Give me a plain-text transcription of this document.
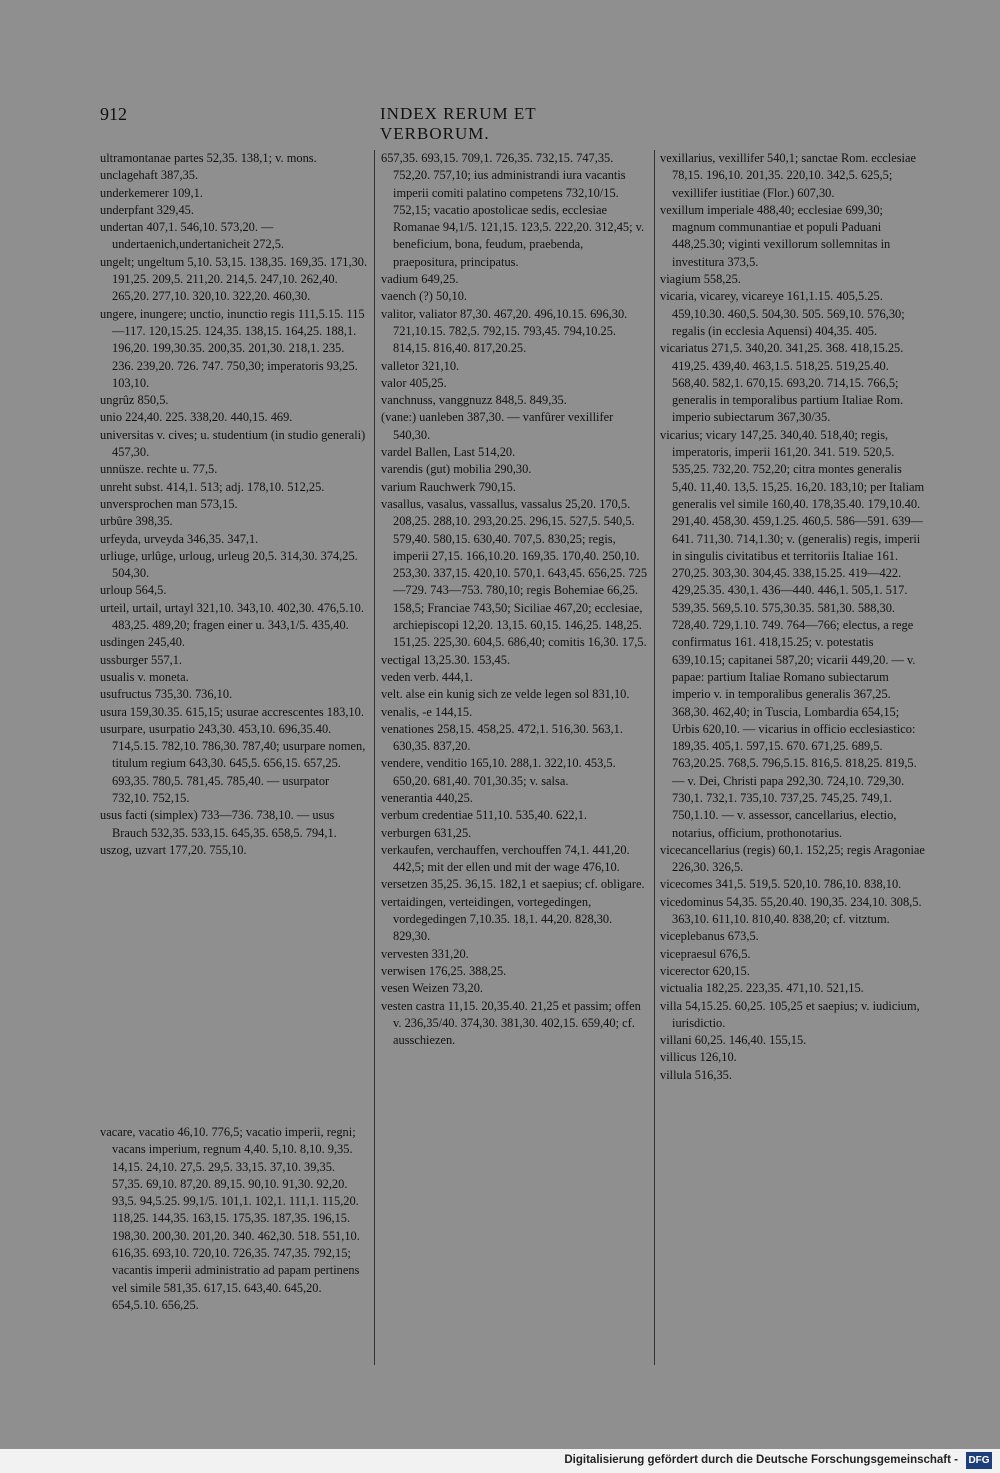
912	INDEX RERUM ET VERBORUM.

ultramontanae partes 52,35. 138,1; v. mons.

unclagehaft 387,35.

underkemerer 109,1.

underpfant 329,45.

undertan 407,1. 546,10. 573,20. — undertaenich,undertanicheit 272,5.

ungelt; ungeltum 5,10. 53,15. 138,35. 169,35. 171,30. 191,25. 209,5. 211,20. 214,5. 247,10. 262,40. 265,20. 277,10. 320,10. 322,20. 460,30.

ungere, inungere; unctio, inunctio regis 111,5.15. 115—117. 120,15.25. 124,35. 138,15. 164,25. 188,1. 196,20. 199,30.35. 200,35. 201,30. 218,1. 235. 236. 239,20. 726. 747. 750,30; imperatoris 93,25. 103,10.

ungrûz 850,5.

unio 224,40. 225. 338,20. 440,15. 469.

universitas v. cives; u. studentium (in studio generali) 457,30.

unnüsze. rechte u. 77,5.

unreht subst. 414,1. 513; adj. 178,10. 512,25.

unversprochen man 573,15.

urbûre 398,35.

urfeyda, urveyda 346,35. 347,1.

urliuge, urlûge, urloug, urleug 20,5. 314,30. 374,25. 504,30.

urloup 564,5.

urteil, urtail, urtayl 321,10. 343,10. 402,30. 476,5.10. 483,25. 489,20; fragen einer u. 343,1/5. 435,40.

usdingen 245,40.

ussburger 557,1.

usualis v. moneta.

usufructus 735,30. 736,10.

usura 159,30.35. 615,15; usurae accrescentes 183,10.

usurpare, usurpatio 243,30. 453,10. 696,35.40. 714,5.15. 782,10. 786,30. 787,40; usurpare nomen, titulum regium 643,30. 645,5. 656,15. 657,25. 693,35. 780,5. 781,45. 785,40. — usurpator 732,10. 752,15.

usus facti (simplex) 733—736. 738,10. — usus Brauch 532,35. 533,15. 645,35. 658,5. 794,1.

uszog, uzvart 177,20. 755,10.

vacare, vacatio 46,10. 776,5; vacatio imperii, regni; vacans imperium, regnum 4,40. 5,10. 8,10. 9,35. 14,15. 24,10. 27,5. 29,5. 33,15. 37,10. 39,35. 57,35. 69,10. 87,20. 89,15. 90,10. 91,30. 92,20. 93,5. 94,5.25. 99,1/5. 101,1. 102,1. 111,1. 115,20. 118,25. 144,35. 163,15. 175,35. 187,35. 196,15. 198,30. 200,30. 201,20. 340. 462,30. 518. 551,10. 616,35. 693,10. 720,10. 726,35. 747,35. 792,15; vacantis imperii administratio ad papam pertinens vel simile 581,35. 617,15. 643,40. 645,20. 654,5.10. 656,25.

657,35. 693,15. 709,1. 726,35. 732,15. 747,35. 752,20. 757,10; ius administrandi iura vacantis imperii comiti palatino competens 732,10/15. 752,15; vacatio apostolicae sedis, ecclesiae Romanae 94,1/5. 121,15. 123,5. 222,20. 312,45; v. beneficium, bona, feudum, praebenda, praepositura, principatus.

vadium 649,25.

vaench (?) 50,10.

valitor, valiator 87,30. 467,20. 496,10.15. 696,30. 721,10.15. 782,5. 792,15. 793,45. 794,10.25. 814,15. 816,40. 817,20.25.

valletor 321,10.

valor 405,25.

vanchnuss, vanggnuzz 848,5. 849,35.

(vane:) uanleben 387,30. — vanfûrer vexillifer 540,30.

vardel Ballen, Last 514,20.

varendis (gut) mobilia 290,30.

varium Rauchwerk 790,15.

vasallus, vasalus, vassallus, vassalus 25,20. 170,5. 208,25. 288,10. 293,20.25. 296,15. 527,5. 540,5. 579,40. 580,15. 630,40. 707,5. 830,25; regis, imperii 27,15. 166,10.20. 169,35. 170,40. 250,10. 253,30. 337,15. 420,10. 570,1. 643,45. 656,25. 725—729. 743—753. 780,10; regis Bohemiae 66,25. 158,5; Franciae 743,50; Siciliae 467,20; ecclesiae, archiepiscopi 12,20. 13,15. 60,15. 146,25. 148,25. 151,25. 225,30. 604,5. 686,40; comitis 16,30. 17,5.

vectigal 13,25.30. 153,45.

veden verb. 444,1.

velt. alse ein kunig sich ze velde legen sol 831,10.

venalis, -e 144,15.

venationes 258,15. 458,25. 472,1. 516,30. 563,1. 630,35. 837,20.

vendere, venditio 165,10. 288,1. 322,10. 453,5. 650,20. 681,40. 701,30.35; v. salsa.

venerantia 440,25.

verbum credentiae 511,10. 535,40. 622,1.

verburgen 631,25.

verkaufen, verchauffen, verchouffen 74,1. 441,20. 442,5; mit der ellen und mit der wage 476,10.

versetzen 35,25. 36,15. 182,1 et saepius; cf. obligare.

vertaidingen, verteidingen, vortegedingen, vordegedingen 7,10.35. 18,1. 44,20. 828,30. 829,30.

vervesten 331,20.

verwisen 176,25. 388,25.

vesen Weizen 73,20.

vesten castra 11,15. 20,35.40. 21,25 et passim; offen v. 236,35/40. 374,30. 381,30. 402,15. 659,40; cf. ausschiezen.

vexillarius, vexillifer 540,1; sanctae Rom. ecclesiae 78,15. 196,10. 201,35. 220,10. 342,5. 625,5; vexillifer iustitiae (Flor.) 607,30.

vexillum imperiale 488,40; ecclesiae 699,30; magnum communantiae et populi Paduani 448,25.30; viginti vexillorum sollemnitas in investitura 373,5.

viagium 558,25.

vicaria, vicarey, vicareye 161,1.15. 405,5.25. 459,10.30. 460,5. 504,30. 505. 569,10. 576,30; regalis (in ecclesia Aquensi) 404,35. 405.

vicariatus 271,5. 340,20. 341,25. 368. 418,15.25. 419,25. 439,40. 463,1.5. 518,25. 519,25.40. 568,40. 582,1. 670,15. 693,20. 714,15. 766,5; generalis in temporalibus partium Italiae Rom. imperio subiectarum 367,30/35.

vicarius; vicary 147,25. 340,40. 518,40; regis, imperatoris, imperii 161,20. 341. 519. 520,5. 535,25. 732,20. 752,20; citra montes generalis 5,40. 11,40. 13,5. 15,25. 16,20. 183,10; per Italiam generalis vel simile 160,40. 178,35.40. 179,10.40. 291,40. 458,30. 459,1.25. 460,5. 586—591. 639—641. 711,30. 714,1.30; v. (generalis) regis, imperii in singulis civitatibus et territoriis Italiae 161. 270,25. 303,30. 304,45. 338,15.25. 419—422. 429,25.35. 430,1. 436—440. 446,1. 505,1. 517. 539,35. 569,5.10. 575,30.35. 581,30. 588,30. 728,40. 729,1.10. 749. 764—766; electus, a rege confirmatus 161. 418,15.25; v. potestatis 639,10.15; capitanei 587,20; vicarii 449,20. — v. papae: partium Italiae Romano subiectarum imperio v. in temporalibus generalis 367,25. 368,30. 462,40; in Tuscia, Lombardia 654,15; Urbis 620,10. — vicarius in officio ecclesiastico: 189,35. 405,1. 597,15. 670. 671,25. 689,5. 763,20.25. 768,5. 796,5.15. 816,5. 818,25. 819,5. — v. Dei, Christi papa 292,30. 724,10. 729,30. 730,1. 732,1. 735,10. 737,25. 745,25. 749,1. 750,1.10. — v. assessor, cancellarius, electio, notarius, officium, prothonotarius.

vicecancellarius (regis) 60,1. 152,25; regis Aragoniae 226,30. 326,5.

vicecomes 341,5. 519,5. 520,10. 786,10. 838,10.

vicedominus 54,35. 55,20.40. 190,35. 234,10. 308,5. 363,10. 611,10. 810,40. 838,20; cf. vitztum.

viceplebanus 673,5.

vicepraesul 676,5.

vicerector 620,15.

victualia 182,25. 223,35. 471,10. 521,15.

villa 54,15.25. 60,25. 105,25 et saepius; v. iudicium, iurisdictio.

villani 60,25. 146,40. 155,15.

villicus 126,10.

villula 516,35.

Digitalisierung gefördert durch die Deutsche Forschungsgemeinschaft - DFG
